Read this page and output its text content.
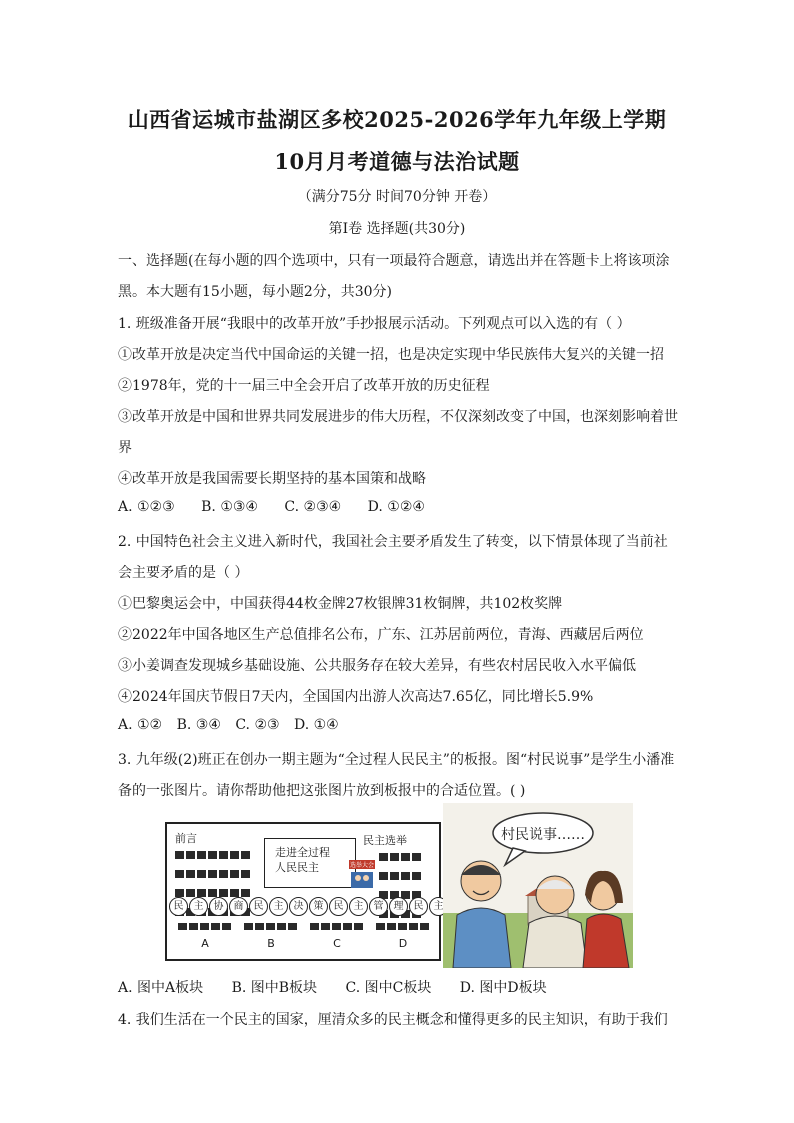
山西省运城市盐湖区多校2025-2026学年九年级上学期
10月月考道德与法治试题
（满分75分 时间70分钟 开卷）
第Ⅰ卷 选择题(共30分)
一、选择题(在每小题的四个选项中，只有一项最符合题意，请选出并在答题卡上将该项涂
黑。本大题有15小题，每小题2分，共30分)
1. 班级准备开展“我眼中的改革开放”手抄报展示活动。下列观点可以入选的有（ ）
①改革开放是决定当代中国命运的关键一招，也是决定实现中华民族伟大复兴的关键一招
②1978年，党的十一届三中全会开启了改革开放的历史征程
③改革开放是中国和世界共同发展进步的伟大历程，不仅深刻改变了中国，也深刻影响着世
界
④改革开放是我国需要长期坚持的基本国策和战略
A. ①②③ B. ①③④ C. ②③④ D. ①②④
2. 中国特色社会主义进入新时代，我国社会主要矛盾发生了转变，以下情景体现了当前社
会主要矛盾的是（ ）
①巴黎奥运会中，中国获得44枚金牌27枚银牌31枚铜牌，共102枚奖牌
②2022年中国各地区生产总值排名公布，广东、江苏居前两位，青海、西藏居后两位
③小姜调查发现城乡基础设施、公共服务存在较大差异，有些农村居民收入水平偏低
④2024年国庆节假日7天内，全国国内出游人次高达7.65亿，同比增长5.9%
A. ①② B. ③④ C. ②③ D. ①④
3. 九年级(2)班正在创办一期主题为“全过程人民民主”的板报。图“村民说事”是学生小潘准
备的一张图片。请你帮助他把这张图片放到板报中的合适位置。( )
前言

走进全过程
人民民主
民主选举

选举大会
民 主 协 商 民 主 决 策 民 主 管 理 民 主
A	B	C	D
村民说事……
A. 图中A板块 B. 图中B板块 C. 图中C板块 D. 图中D板块
4. 我们生活在一个民主的国家，厘清众多的民主概念和懂得更多的民主知识，有助于我们
